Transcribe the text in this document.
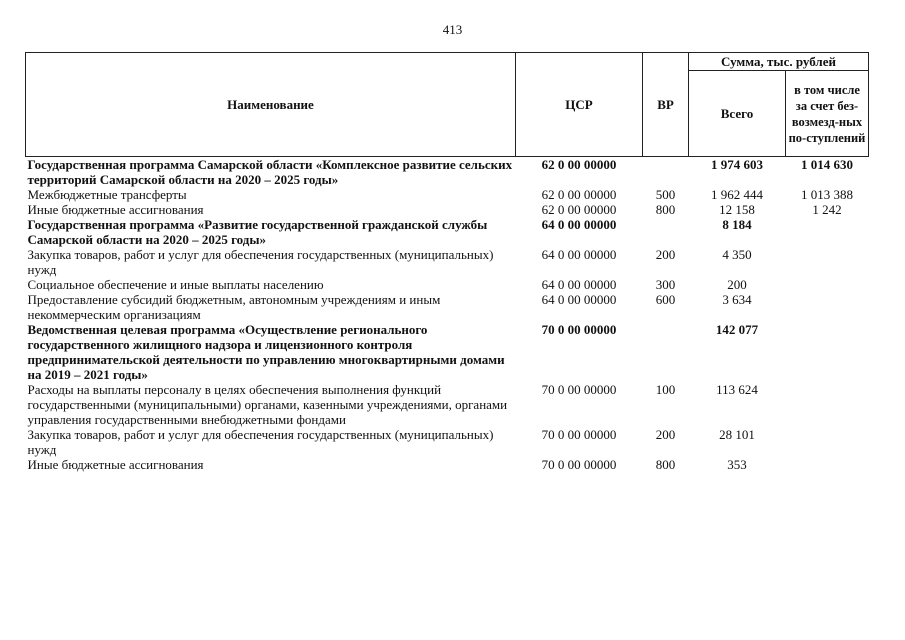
413
Наименование	ЦСР	ВР	Сумма, тыс. рублей	
			Всего	в том числе за счет без-возмезд-ных по-ступлений
Государственная программа Самарской области «Комплексное развитие сельских территорий Самарской области на 2020 – 2025 годы»	62 0 00 00000		1 974 603	1 014 630
Межбюджетные трансферты	62 0 00 00000	500	1 962 444	1 013 388
Иные бюджетные ассигнования	62 0 00 00000	800	12 158	1 242
Государственная программа «Развитие государственной гражданской службы Самарской области на 2020 – 2025 годы»	64 0 00 00000		8 184	
Закупка товаров, работ и услуг для обеспечения государственных (муниципальных) нужд	64 0 00 00000	200	4 350	
Социальное обеспечение и иные выплаты населению	64 0 00 00000	300	200	
Предоставление субсидий бюджетным, автономным учреждениям и иным некоммерческим организациям	64 0 00 00000	600	3 634	
Ведомственная целевая программа «Осуществление регионального государственного жилищного надзора и лицензионного контроля предпринимательской деятельности по управлению многоквартирными домами на 2019 – 2021 годы»	70 0 00 00000		142 077	
Расходы на выплаты персоналу в целях обеспечения выполнения функций государственными (муниципальными) органами, казенными учреждениями, органами управления государственными внебюджетными фондами	70 0 00 00000	100	113 624	
Закупка товаров, работ и услуг для обеспечения государственных (муниципальных) нужд	70 0 00 00000	200	28 101	
Иные бюджетные ассигнования	70 0 00 00000	800	353	
